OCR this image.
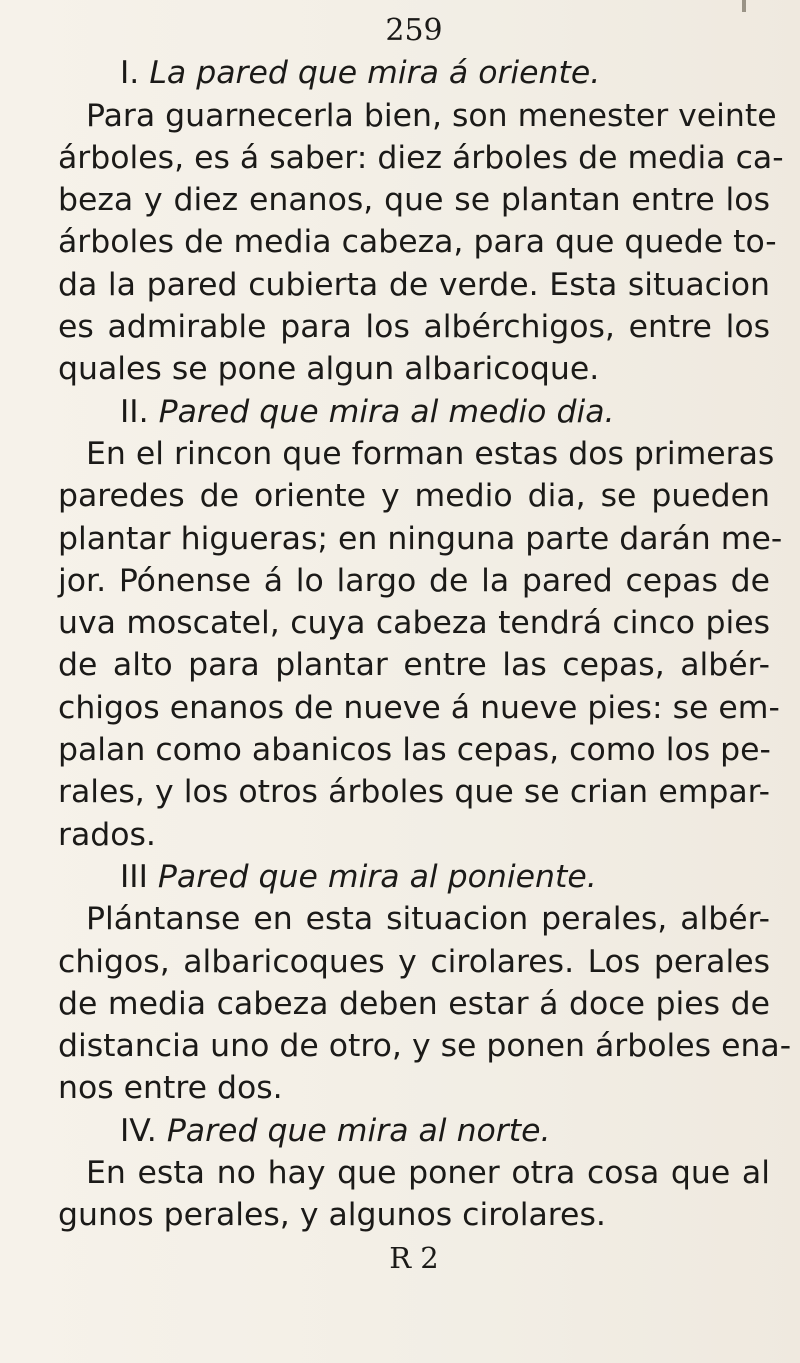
259
I. La pared que mira á oriente.
Para guarnecerla bien, son menester veinte
árboles, es á saber: diez árboles de media ca-
beza y diez enanos, que se plantan entre los
árboles de media cabeza, para que quede to-
da la pared cubierta de verde. Esta situacion
es admirable para los albérchigos, entre los
quales se pone algun albaricoque.
II. Pared que mira al medio dia.
En el rincon que forman estas dos primeras
paredes de oriente y medio dia, se pueden
plantar higueras; en ninguna parte darán me-
jor. Pónense á lo largo de la pared cepas de
uva moscatel, cuya cabeza tendrá cinco pies
de alto para plantar entre las cepas, albér-
chigos enanos de nueve á nueve pies: se em-
palan como abanicos las cepas, como los pe-
rales, y los otros árboles que se crian empar-
rados.
III Pared que mira al poniente.
Plántanse en esta situacion perales, albér-
chigos, albaricoques y cirolares. Los perales
de media cabeza deben estar á doce pies de
distancia uno de otro, y se ponen árboles ena-
nos entre dos.
IV. Pared que mira al norte.
En esta no hay que poner otra cosa que al
gunos perales, y algunos cirolares.
R 2
